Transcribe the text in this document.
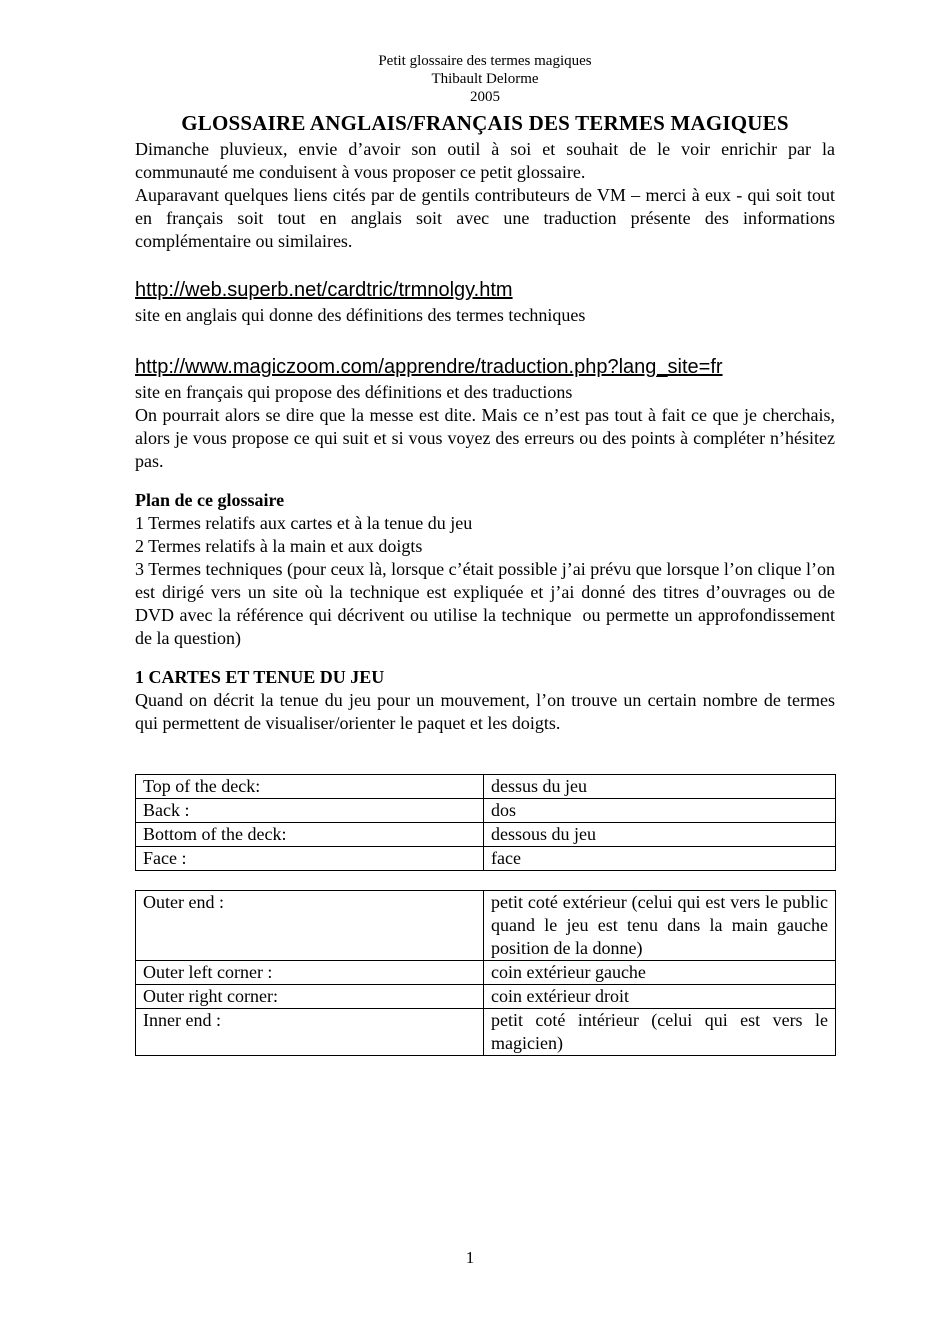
Petit glossaire des termes magiques
Thibault Delorme
2005
GLOSSAIRE ANGLAIS/FRANÇAIS DES TERMES MAGIQUES

Dimanche pluvieux, envie d’avoir son outil à soi et souhait de le voir enrichir par la communauté me conduisent à vous proposer ce petit glossaire.

Auparavant quelques liens cités par de gentils contributeurs de VM – merci à eux - qui soit tout en français soit tout en anglais soit avec une traduction présente des informations complémentaire ou similaires.

http://web.superb.net/cardtric/trmnolgy.htm
site en anglais qui donne des définitions des termes techniques
http://www.magiczoom.com/apprendre/traduction.php?lang_site=fr
site en français qui propose des définitions et des traductions

On pourrait alors se dire que la messe est dite. Mais ce n’est pas tout à fait ce que je cherchais, alors je vous propose ce qui suit et si vous voyez des erreurs ou des points à compléter n’hésitez pas.

Plan de ce glossaire
1 Termes relatifs aux cartes et à la tenue du jeu
2 Termes relatifs à la main et aux doigts
3 Termes techniques (pour ceux là, lorsque c’était possible j’ai prévu que lorsque l’on clique l’on est dirigé vers un site où la technique est expliquée et j’ai donné des titres d’ouvrages ou de DVD avec la référence qui décrivent ou utilise la technique  ou permette un approfondissement de la question)
1 CARTES ET TENUE DU JEU

Quand on décrit la tenue du jeu pour un mouvement, l’on trouve un certain nombre de termes qui permettent de visualiser/orienter le paquet et les doigts.

Top of the deck:	dessus du jeu
Back :	dos
Bottom of the deck:	dessous du jeu
Face :	face
Outer end :	petit coté extérieur (celui qui est vers le public quand le jeu est tenu dans la main gauche position de la donne)
Outer left corner :	coin extérieur gauche
Outer right corner:	coin extérieur droit
Inner end :	petit coté intérieur (celui qui est vers le magicien)
1
